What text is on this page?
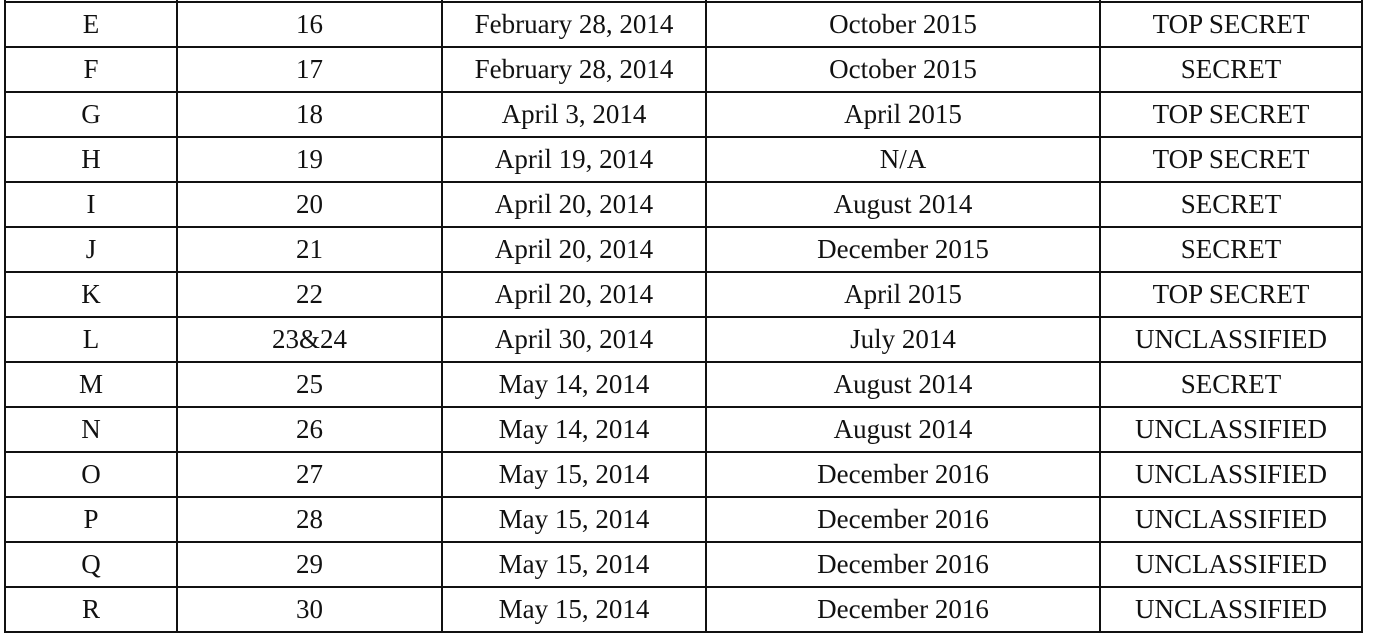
E	16	February 28, 2014	October 2015	TOP SECRET
F	17	February 28, 2014	October 2015	SECRET
G	18	April 3, 2014	April 2015	TOP SECRET
H	19	April 19, 2014	N/A	TOP SECRET
I	20	April 20, 2014	August 2014	SECRET
J	21	April 20, 2014	December 2015	SECRET
K	22	April 20, 2014	April 2015	TOP SECRET
L	23&24	April 30, 2014	July 2014	UNCLASSIFIED
M	25	May 14, 2014	August 2014	SECRET
N	26	May 14, 2014	August 2014	UNCLASSIFIED
O	27	May 15, 2014	December 2016	UNCLASSIFIED
P	28	May 15, 2014	December 2016	UNCLASSIFIED
Q	29	May 15, 2014	December 2016	UNCLASSIFIED
R	30	May 15, 2014	December 2016	UNCLASSIFIED
